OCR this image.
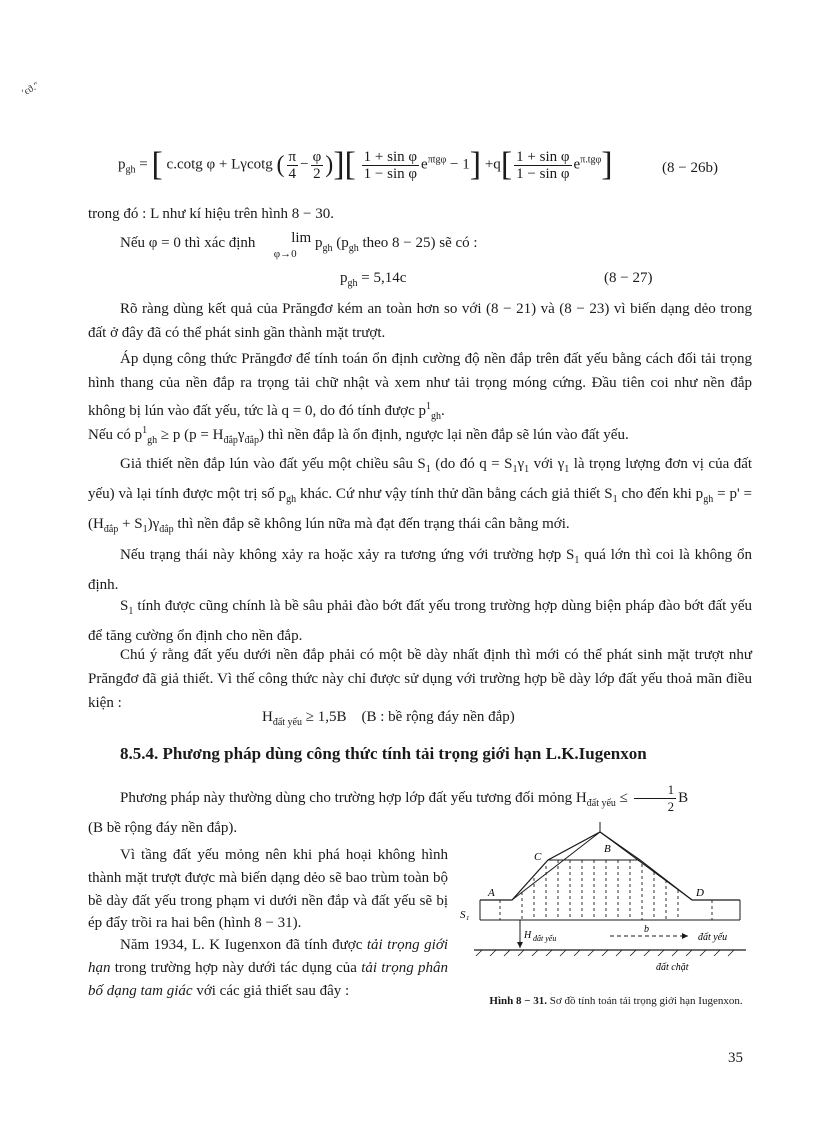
ʹϵϑ.ʺ
$p_{gh}$ = [ c.cotg φ + Lγcotg ( $\frac{\pi}{4} - \frac{\varphi}{2}$ )][ $\frac{\text{1 + sin φ}}{\text{1 − sin φ}} e^{\pi tg\varphi} - 1] +q[ \frac{\text{1 + sin φ}}{\text{1 − sin φ}} e^{\pi.tg\varphi}]$	(8 − 26b)

trong đó : L như kí hiệu trên hình 8 − 30.

Nếu φ = 0 thì xác định lim
φ→0 $p_{gh}$ ($p_{gh}$ theo 8 − 25) sẽ có :

$p_{gh} = 5,14c$	(8 − 27)

Rõ ràng dùng kết quả của Prăngđơ kém an toàn hơn so với (8 − 21) và (8 − 23) vì biến dạng dẻo trong đất ở đây đã có thể phát sinh gần thành mặt trượt.

Áp dụng công thức Prăngđơ để tính toán ổn định cường độ nền đắp trên đất yếu bằng cách đối tải trọng hình thang của nền đắp ra trọng tải chữ nhật và xem như tải trọng móng cứng. Đầu tiên coi như nền đắp không bị lún vào đất yếu, tức là q = 0, do đó tính được $p^1_{gh}$.

Nếu có $p^1_{gh} \ge p$ $(p = H_{đắp}\gamma_{đắp})$ thì nền đắp là ổn định, ngược lại nền đắp sẽ lún vào đất yếu.

Giả thiết nền đắp lún vào đất yếu một chiều sâu $S_1$ (do đó $q = S_1\gamma_1$ với $\gamma_1$ là trọng lượng đơn vị của đất yếu) và lại tính được một trị số $p_{gh}$ khác. Cứ như vậy tính thử dần bằng cách giả thiết $S_1$ cho đến khi $p_{gh} = p' = (H_{đắp} + S_1)\gamma_{đắp}$ thì nền đắp sẽ không lún nữa mà đạt đến trạng thái cân bằng mới.

Nếu trạng thái này không xảy ra hoặc xảy ra tương ứng với trường hợp $S_1$ quá lớn thì coi là không ổn định.

$S_1$ tính được cũng chính là bề sâu phải đào bớt đất yếu trong trường hợp dùng biện pháp đào bớt đất yếu để tăng cường ổn định cho nền đắp.

Chú ý rằng đất yếu dưới nền đắp phải có một bề dày nhất định thì mới có thể phát sinh mặt trượt như Prăngđơ đã giả thiết. Vì thế công thức này chỉ được sử dụng với trường hợp bề dày lớp đất yếu thoả mãn điều kiện :

$H_{đất yếu} \ge 1,5B$ (B : bề rộng đáy nền đắp)
8.5.4. Phương pháp dùng công thức tính tải trọng giới hạn L.K.Iugenxon

Phương pháp này thường dùng cho trường hợp lớp đất yếu tương đối mỏng $H_{đất yếu} \le \frac{1}{2}$ B

(B bề rộng đáy nền đắp).

Vì tầng đất yếu mỏng nên khi phá hoại không hình thành mặt trượt được mà biến dạng dẻo sẽ bao trùm toàn bộ bề dày đất yếu trong phạm vi dưới nền đắp và đất yếu sẽ bị ép đẩy trồi ra hai bên (hình 8 − 31).

Năm 1934, L. K Iugenxon đã tính được tải trọng giới hạn trong trường hợp này dưới tác dụng của tải trọng phân bố dạng tam giác với các giả thiết sau đây :

C
B
A	D
S₁
H đất yếu
b
đất yếu
đất chặt
Hình 8 − 31. Sơ đồ tính toán tải trọng giới hạn Iugenxon.
35
